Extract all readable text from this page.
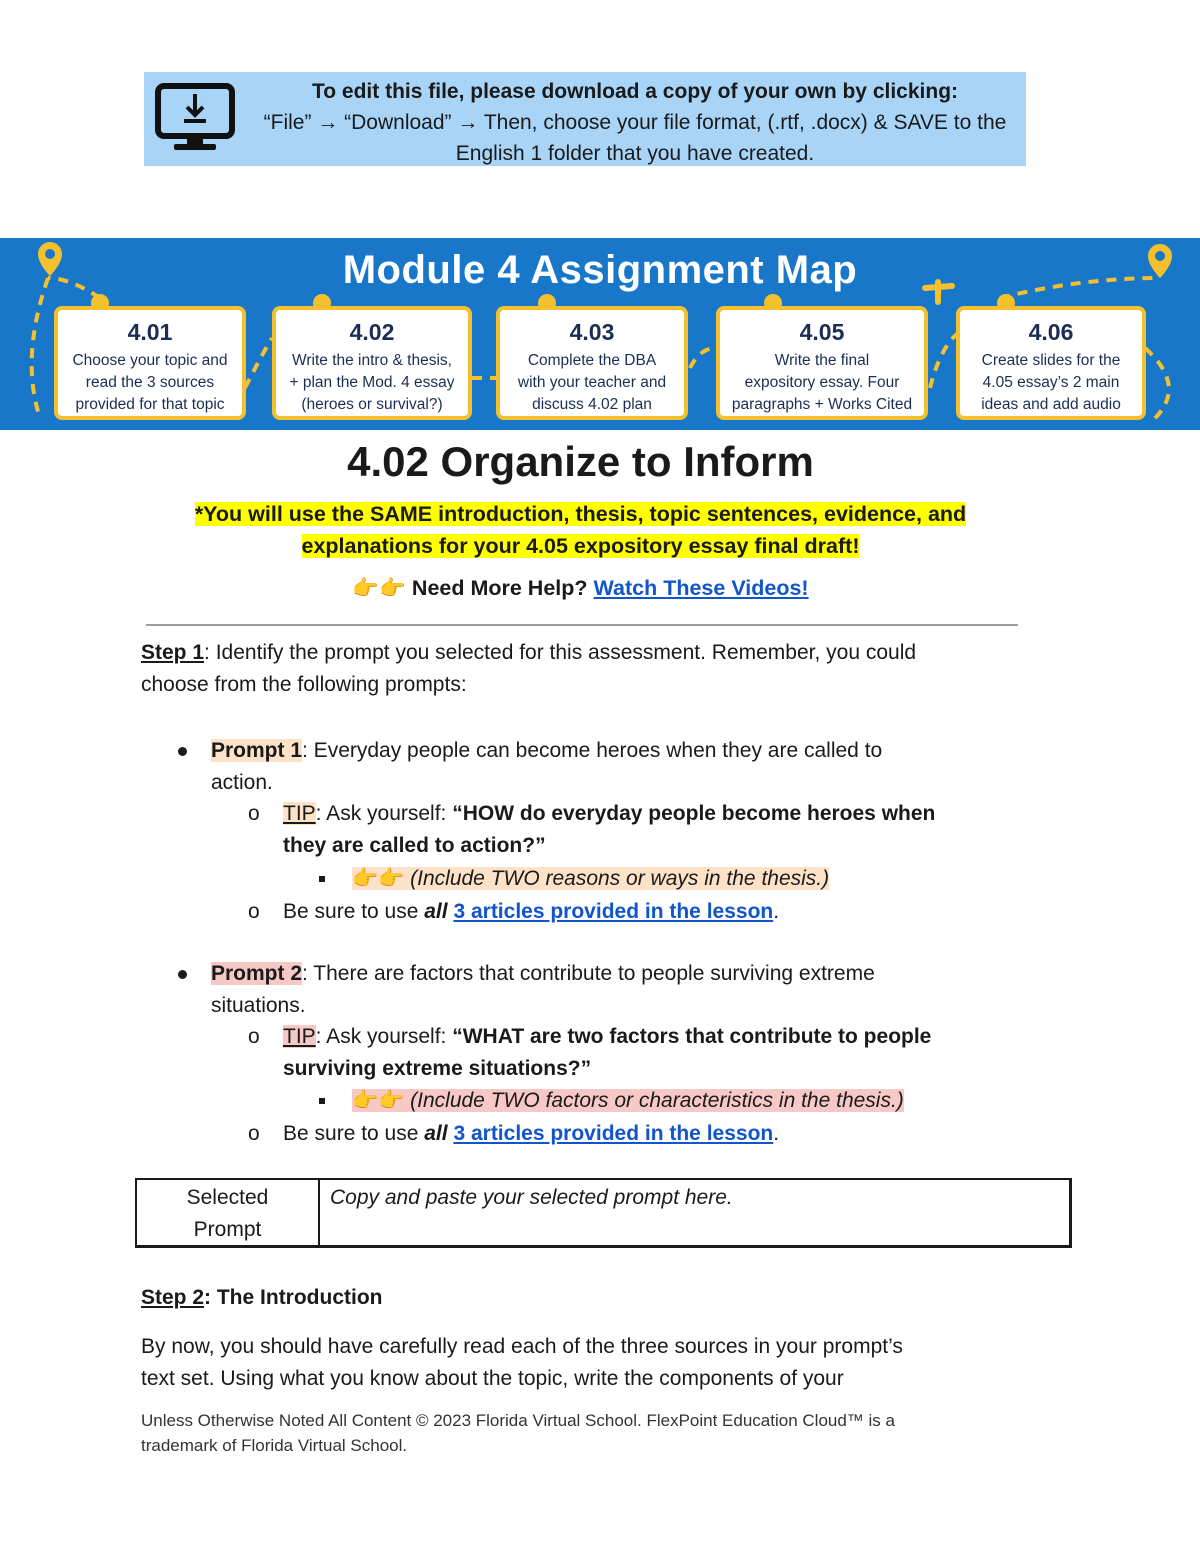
To edit this file, please download a copy of your own by clicking:
“File” → “Download” → Then, choose your file format, (.rtf, .docx) & SAVE to the
English 1 folder that you have created.
Module 4 Assignment Map
4.01
Choose your topic and
read the 3 sources
provided for that topic
4.02
Write the intro & thesis,
+ plan the Mod. 4 essay
(heroes or survival?)
4.03
Complete the DBA
with your teacher and
discuss 4.02 plan
4.05
Write the final
expository essay. Four
paragraphs + Works Cited
4.06
Create slides for the
4.05 essay’s 2 main
ideas and add audio
4.02 Organize to Inform
*You will use the SAME introduction, thesis, topic sentences, evidence, and
explanations for your 4.05 expository essay final draft!
👉👉 Need More Help? Watch These Videos!
Step 1: Identify the prompt you selected for this assessment. Remember, you could
choose from the following prompts:
Prompt 1: Everyday people can become heroes when they are called to
action.
o TIP: Ask yourself: “HOW do everyday people become heroes when
they are called to action?”
👉👉 (Include TWO reasons or ways in the thesis.)
o Be sure to use all 3 articles provided in the lesson.
Prompt 2: There are factors that contribute to people surviving extreme
situations.
o TIP: Ask yourself: “WHAT are two factors that contribute to people
surviving extreme situations?”
👉👉 (Include TWO factors or characteristics in the thesis.)
o Be sure to use all 3 articles provided in the lesson.
Selected
Prompt
Copy and paste your selected prompt here.
Step 2: The Introduction
By now, you should have carefully read each of the three sources in your prompt’s
text set. Using what you know about the topic, write the components of your
Unless Otherwise Noted All Content © 2023 Florida Virtual School. FlexPoint Education Cloud™ is a
trademark of Florida Virtual School.
